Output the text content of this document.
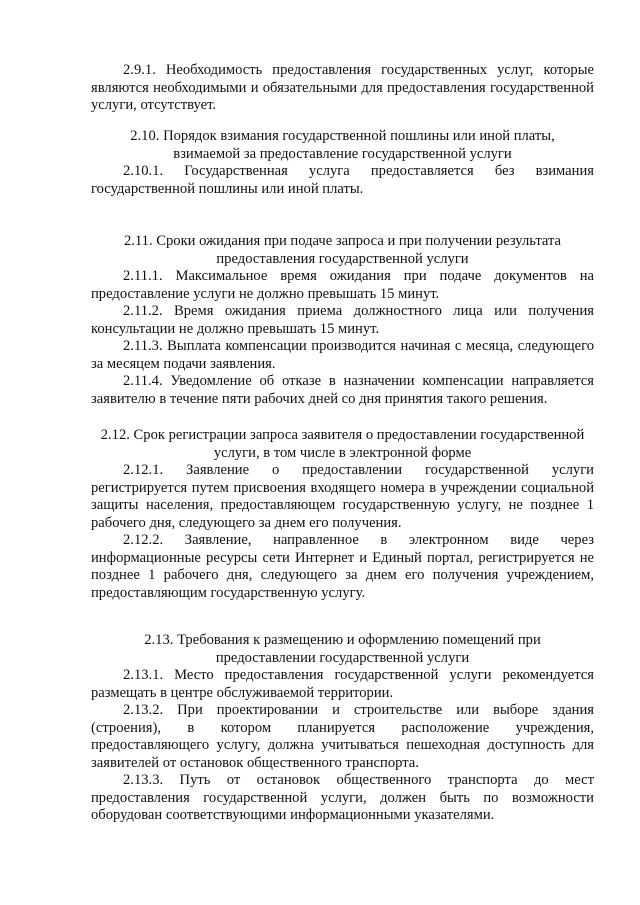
2.9.1. Необходимость предоставления государственных услуг, которые являются необходимыми и обязательными для предоставления государственной услуги, отсутствует.

2.10. Порядок взимания государственной пошлины или иной платы,

взимаемой за предоставление государственной услуги

2.10.1. Государственная услуга предоставляется без взимания государственной пошлины или иной платы.

2.11. Сроки ожидания при подаче запроса и при получении результата

предоставления государственной услуги

2.11.1. Максимальное время ожидания при подаче документов на предоставление услуги не должно превышать 15 минут.

2.11.2. Время ожидания приема должностного лица или получения консультации не должно превышать 15 минут.

2.11.3. Выплата компенсации производится начиная с месяца, следующего за месяцем подачи заявления.

2.11.4. Уведомление об отказе в назначении компенсации направляется заявителю в течение пяти рабочих дней со дня принятия такого решения.

2.12. Срок регистрации запроса заявителя о предоставлении государственной

услуги, в том числе в электронной форме

2.12.1. Заявление о предоставлении государственной услуги регистрируется путем присвоения входящего номера в учреждении социальной защиты населения, предоставляющем государственную услугу, не позднее 1 рабочего дня, следующего за днем его получения.

2.12.2. Заявление, направленное в электронном виде через информационные ресурсы сети Интернет и Единый портал, регистрируется не позднее 1 рабочего дня, следующего за днем его получения учреждением, предоставляющим государственную услугу.

2.13. Требования к размещению и оформлению помещений при

предоставлении государственной услуги

2.13.1. Место предоставления государственной услуги рекомендуется размещать в центре обслуживаемой территории.

2.13.2. При проектировании и строительстве или выборе здания (строения), в котором планируется расположение учреждения, предоставляющего услугу, должна учитываться пешеходная доступность для заявителей от остановок общественного транспорта.

2.13.3. Путь от остановок общественного транспорта до мест предоставления государственной услуги, должен быть по возможности оборудован соответствующими информационными указателями.
